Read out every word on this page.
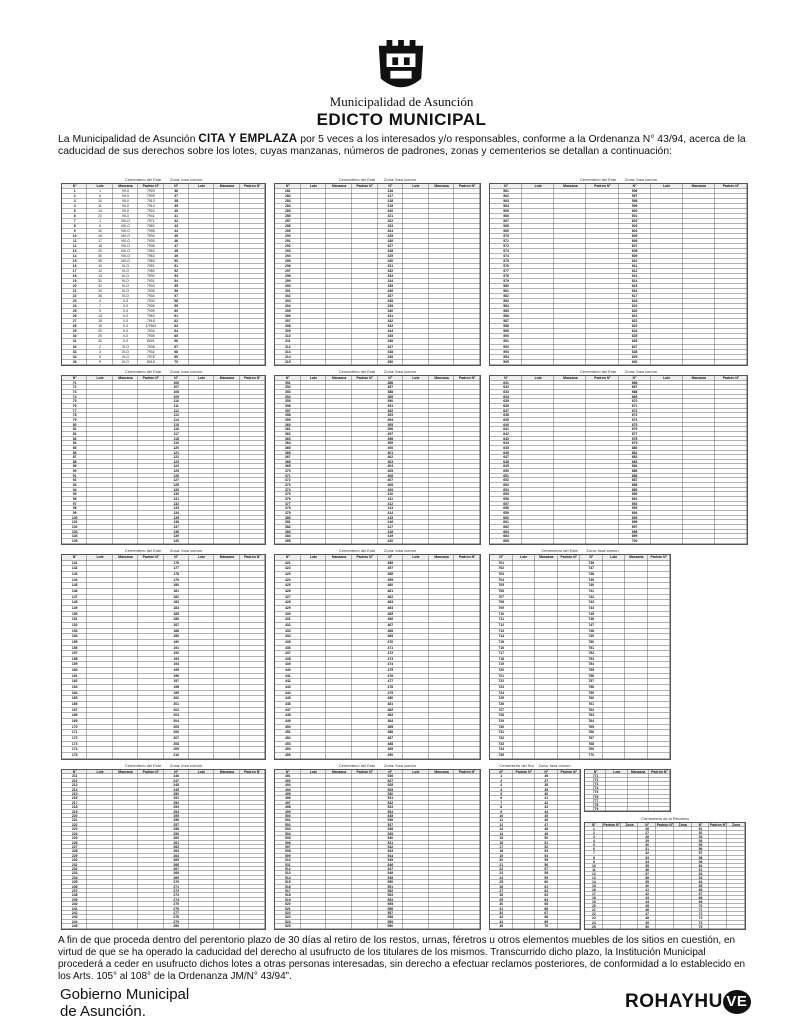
Municipalidad de Asunción
EDICTO MUNICIPAL
La Municipalidad de Asunción CITA Y EMPLAZA por 5 veces a los interesados y/o responsables, conforme a la Ordenanza N° 43/94, acerca de la caducidad de sus derechos sobre los lotes, cuyas manzanas, números de padrones, zonas y cementerios se detallan a continuación:
Cementerio del Este        Zona: fosa común
N°	Lote	Manzana	Padrón N°	N°	Lote	Manzana	Padrón N°
1	1	VII-0	7903	36			
2	6	VII-0	7909	37			
3	10	VII-0	7913	38			
4	11	VII-0	7914	39			
5	14	VII-0	7924	40			
6	21	VII-0	7941	41			
7	1	VIII-O	7971	42			
8	6	VIII-O	7982	43			
9	10	VIII-O	7998	44			
10	16	VIII-O	7934	45			
11	17	VIII-O	7935	46			
12	18	VIII-O	7936	47			
13	20	VIII-O	7962	48			
14	30	VIII-O	7963	49			
15	35	VIII-O	7953	50			
16	10	IX-O	7951	51			
17	12	IX-O	7950	52			
18	13	IX-O	7930	53			
19	31	IX-O	7931	54			
20	32	IX-O	7933	55			
21	34	IX-O	7935	56			
22	35	IX-O	7934	57			
23	4	X-0	7930	58			
24	7	X-0	7936	59			
25	9	X-0	7939	60			
26	13	X-0	7963	61			
27	15	X-0	7918	62			
28	19	X-0	1/7963	63			
29	20	X-0	7934	64			
30	25	X-0	7939	65			
31	32	X-0	8001	66			
32	2	XI-O	7938	67			
33	3	XI-O	7932	68			
34	5	XI-O	7978	69			
35	9	XI-O	8018	70			
Cementerio del Este        Zona: fosa común
N°	Lote	Manzana	Padrón N°	N°	Lote	Manzana	Padrón N°
281				316			
282				317			
283				318			
284				319			
285				320			
286				321			
287				322			
288				323			
289				324			
290				325			
291				326			
292				327			
293				328			
294				329			
295				330			
296				331			
297				332			
298				333			
299				334			
300				335			
301				336			
302				337			
303				338			
304				339			
305				340			
306				341			
307				342			
308				343			
309				344			
310				345			
311				346			
312				347			
313				348			
314				349			
315				350			
Cementerio del Este        Zona: fosa común
N°	Lote	Manzana	Padrón N°	N°	Lote	Manzana	Padrón N°
561				596			
562				597			
563				598			
564				599			
565				600			
566				601			
567				602			
568				603			
569				604			
570				605			
571				606			
572				607			
573				608			
574				609			
575				610			
576				611			
577				612			
578				613			
579				614			
580				615			
581				616			
582				617			
583				618			
584				619			
585				620			
586				621			
587				622			
588				623			
589				624			
590				625			
591				626			
592				627			
593				628			
594				629			
595				630			
Cementerio del Este        Zona: fosa común
N°	Lote	Manzana	Padrón N°	N°	Lote	Manzana	Padrón N°
71				106			
72				107			
73				108			
74				109			
75				110			
76				111			
77				112			
78				113			
79				114			
80				115			
81				116			
82				117			
83				118			
84				119			
85				120			
86				121			
87				122			
88				123			
89				124			
90				125			
91				126			
92				127			
93				128			
94				129			
95				130			
96				131			
97				132			
98				133			
99				134			
100				135			
101				136			
102				137			
103				138			
104				139			
105				140			
Cementerio del Este        Zona: fosa común
N°	Lote	Manzana	Padrón N°	N°	Lote	Manzana	Padrón N°
351				386			
352				387			
353				388			
354				389			
355				390			
356				391			
357				392			
358				393			
359				394			
360				395			
361				396			
362				397			
363				398			
364				399			
365				400			
366				401			
367				402			
368				403			
369				404			
370				405			
371				406			
372				407			
373				408			
374				409			
375				410			
376				411			
377				412			
378				413			
379				414			
380				415			
381				416			
382				417			
383				418			
384				419			
385				420			
Cementerio del Este        Zona: fosa común
N°	Lote	Manzana	Padrón N°	N°	Lote	Manzana	Padrón N°
631				666			
632				667			
633				668			
634				669			
635				670			
636				671			
637				672			
638				673			
639				674			
640				675			
641				676			
642				677			
643				678			
644				679			
645				680			
646				681			
647				682			
648				683			
649				684			
650				685			
651				686			
652				687			
653				688			
654				689			
655				690			
656				691			
657				692			
658				693			
659				694			
660				695			
661				696			
662				697			
663				698			
664				699			
665				700			
Cementerio del Este        Zona: fosa común
N°	Lote	Manzana	Padrón N°	N°	Lote	Manzana	Padrón N°
141				176			
142				177			
143				178			
144				179			
145				180			
146				181			
147				182			
148				183			
149				184			
150				185			
151				186			
152				187			
153				188			
154				189			
155				190			
156				191			
157				192			
158				193			
159				194			
160				195			
161				196			
162				197			
163				198			
164				199			
165				200			
166				201			
167				202			
168				203			
169				204			
170				205			
171				206			
172				207			
173				208			
174				209			
175				210			
Cementerio del Este        Zona: fosa común
N°	Lote	Manzana	Padrón N°	N°	Lote	Manzana	Padrón N°
421				456			
422				457			
423				458			
424				459			
425				460			
426				461			
427				462			
428				463			
429				464			
430				465			
431				466			
432				467			
433				468			
434				469			
435				470			
436				471			
437				472			
438				473			
439				474			
440				475			
441				476			
442				477			
443				478			
444				479			
445				480			
446				481			
447				482			
448				483			
449				484			
450				485			
451				486			
452				487			
453				488			
454				489			
455				490			
Cementerio del Este        Zona: fosa común
N°	Lote	Manzana	Padrón N°	N°	Lote	Manzana	Padrón N°
701				736			
702				737			
703				738			
704				739			
705				740			
706				741			
707				742			
708				743			
709				744			
710				745			
711				746			
712				747			
713				748			
714				749			
715				750			
716				751			
717				752			
718				753			
719				754			
720				755			
721				756			
722				757			
723				758			
724				759			
725				760			
726				761			
727				762			
728				763			
729				764			
730				765			
731				766			
732				767			
733				768			
734				769			
735				770			
Cementerio del Este        Zona: fosa común
N°	Lote	Manzana	Padrón N°	N°	Lote	Manzana	Padrón N°
211				246			
212				247			
213				248			
214				249			
215				250			
216				251			
217				252			
218				253			
219				254			
220				255			
221				256			
222				257			
223				258			
224				259			
225				260			
226				261			
227				262			
228				263			
229				264			
230				265			
231				266			
232				267			
233				268			
234				269			
235				270			
236				271			
237				272			
238				273			
239				274			
240				275			
241				276			
242				277			
243				278			
244				279			
245				280			
Cementerio del Este        Zona: fosa común
N°	Lote	Manzana	Padrón N°	N°	Lote	Manzana	Padrón N°
491				526			
492				527			
493				528			
494				529			
495				530			
496				531			
497				532			
498				533			
499				534			
500				535			
501				536			
502				537			
503				538			
504				539			
505				540			
506				541			
507				542			
508				543			
509				544			
510				545			
511				546			
512				547			
513				548			
514				549			
515				550			
516				551			
517				552			
518				553			
519				554			
520				555			
521				556			
522				557			
523				558			
524				559			
525				560			
Cementerio del Sur    Zona: fosa común
N°	Padrón N°	N°	Padrón N°
1		36	
2		37	
3		38	
4		39	
5		40	
6		41	
7		42	
8		43	
9		44	
10		45	
11		46	
12		47	
13		48	
14		49	
15		50	
16		51	
17		52	
18		53	
19		54	
20		55	
21		56	
22		57	
23		58	
24		59	
25		60	
26		61	
27		62	
28		63	
29		64	
30		65	
31		66	
32		67	
33		68	
34		69	
35		70	
N°	Lote	Manzana	Padrón N°
771			
772			
773			
774			
775			
776			
777			
778			
779			
Cementerio de la Recoleta
N°	Padrón N°	Zona	N°	Padrón N°	Zona	N°	Padrón N°	Zona
1			26			51		
2			27			52		
3			28			53		
4			29			54		
5			30			55		
6			31			56		
7			32			57		
8			33			58		
9			34			59		
10			35			60		
11			36			61		
12			37			62		
13			38			63		
14			39			64		
15			40			65		
16			41			66		
17			42			67		
18			43			68		
19			44			69		
20			45			70		
21			46			71		
22			47			72		
23			48			73		
24			49			74		
25			50			75		
A fin de que proceda dentro del perentorio plazo de 30 días al retiro de los restos, urnas, féretros u otros elementos muebles de los sitios en cuestión, en virtud de que se ha operado la caducidad del derecho al usufructo de los titulares de los mismos. Transcurrido dicho plazo, la Institución Municipal procederá a ceder en usufructo dichos lotes a otras personas interesadas, sin derecho a efectuar reclamos posteriores, de conformidad a lo establecido en los Arts. 105° al 108° de la Ordenanza JM/N° 43/94”.
Gobierno Municipal
de Asunción.	ROHAYHU VE
